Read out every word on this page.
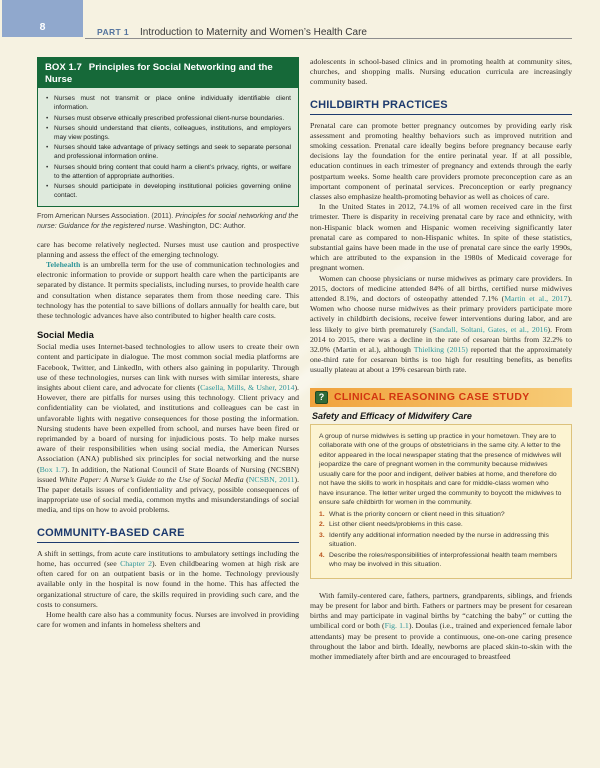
8	PART 1 Introduction to Maternity and Women’s Health Care
BOX 1.7 Principles for Social Networking and the Nurse
• Nurses must not transmit or place online individually identifiable client information.
• Nurses must observe ethically prescribed professional client-nurse boundaries.
• Nurses should understand that clients, colleagues, institutions, and employers may view postings.
• Nurses should take advantage of privacy settings and seek to separate personal and professional information online.
• Nurses should bring content that could harm a client’s privacy, rights, or welfare to the attention of appropriate authorities.
• Nurses should participate in developing institutional policies governing online contact.

From American Nurses Association. (2011). Principles for social networking and the nurse: Guidance for the registered nurse. Washington, DC: Author.

care has become relatively neglected. Nurses must use caution and prospective planning and assess the effect of the emerging technology.

Telehealth is an umbrella term for the use of communication technologies and electronic information to provide or support health care when the participants are separated by distance. It permits specialists, including nurses, to provide health care and consultation when distance separates them from those needing care. This technology has the potential to save billions of dollars annually for health care, but these technologic advances have also contributed to higher health care costs.

Social Media

Social media uses Internet-based technologies to allow users to create their own content and participate in dialogue. The most common social media platforms are Facebook, Twitter, and LinkedIn, with others also gaining in popularity. Through use of these technologies, nurses can link with nurses with similar interests, share insights about client care, and advocate for clients (Casella, Mills, & Usher, 2014). However, there are pitfalls for nurses using this technology. Client privacy and confidentiality can be violated, and institutions and colleagues can be cast in unfavorable lights with negative consequences for those posting the information. Nursing students have been expelled from school, and nurses have been fired or reprimanded by a board of nursing for injudicious posts. To help make nurses aware of their responsibilities when using social media, the American Nurses Association (ANA) published six principles for social networking and the nurse (Box 1.7). In addition, the National Council of State Boards of Nursing (NCSBN) issued White Paper: A Nurse’s Guide to the Use of Social Media (NCSBN, 2011). The paper details issues of confidentiality and privacy, possible consequences of inappropriate use of social media, common myths and misunderstandings of social media, and tips on how to avoid problems.

COMMUNITY-BASED CARE

A shift in settings, from acute care institutions to ambulatory settings including the home, has occurred (see Chapter 2). Even childbearing women at high risk are often cared for on an outpatient basis or in the home. Technology previously available only in the hospital is now found in the home. This has affected the organizational structure of care, the skills required in providing such care, and the costs to consumers.

Home health care also has a community focus. Nurses are involved in providing care for women and infants in homeless shelters and

adolescents in school-based clinics and in promoting health at community sites, churches, and shopping malls. Nursing education curricula are increasingly community based.

CHILDBIRTH PRACTICES

Prenatal care can promote better pregnancy outcomes by providing early risk assessment and promoting healthy behaviors such as improved nutrition and smoking cessation. Prenatal care ideally begins before pregnancy because early decisions lay the foundation for the entire perinatal year. If at all possible, education continues in each trimester of pregnancy and extends through the early postpartum weeks. Some health care providers promote preconception care as an important component of perinatal services. Preconception or early pregnancy classes also emphasize health-promoting behavior as well as choices of care.

In the United States in 2012, 74.1% of all women received care in the first trimester. There is disparity in receiving prenatal care by race and ethnicity, with non-Hispanic black women and Hispanic women receiving significantly later prenatal care as compared to non-Hispanic whites. In spite of these statistics, substantial gains have been made in the use of prenatal care since the early 1990s, which are attributed to the expansion in the 1980s of Medicaid coverage for pregnant women.

Women can choose physicians or nurse midwives as primary care providers. In 2015, doctors of medicine attended 84% of all births, certified nurse midwives attended 8.1%, and doctors of osteopathy attended 7.1% (Martin et al., 2017). Women who choose nurse midwives as their primary providers participate more actively in childbirth decisions, receive fewer interventions during labor, and are less likely to give birth prematurely (Sandall, Soltani, Gates, et al., 2016). From 2014 to 2015, there was a decline in the rate of cesarean births from 32.2% to 32.0% (Martin et al.), although Thielking (2015) reported that the approximately one-third rate for cesarean births is too high for resulting benefits, as benefits usually plateau at about a 19% cesarean birth rate.

? CLINICAL REASONING CASE STUDY
Safety and Efficacy of Midwifery Care

A group of nurse midwives is setting up practice in your hometown. They are to collaborate with one of the groups of obstetricians in the same city. A letter to the editor appeared in the local newspaper stating that the presence of midwives will jeopardize the care of pregnant women in the community because midwives usually care for the poor and indigent, deliver babies at home, and therefore do not have the skills to work in hospitals and care for middle-class women who have insurance. The letter writer urged the community to boycott the midwives to ensure safe childbirth for women in the community.

1. What is the priority concern or client need in this situation?
2. List other client needs/problems in this case.
3. Identify any additional information needed by the nurse in addressing this situation.
4. Describe the roles/responsibilities of interprofessional health team members who may be involved in this situation.

With family-centered care, fathers, partners, grandparents, siblings, and friends may be present for labor and birth. Fathers or partners may be present for cesarean births and may participate in vaginal births by “catching the baby” or cutting the umbilical cord or both (Fig. 1.1). Doulas (i.e., trained and experienced female labor attendants) may be present to provide a continuous, one-on-one caring presence throughout the labor and birth. Ideally, newborns are placed skin-to-skin with the mother immediately after birth and are encouraged to breastfeed
